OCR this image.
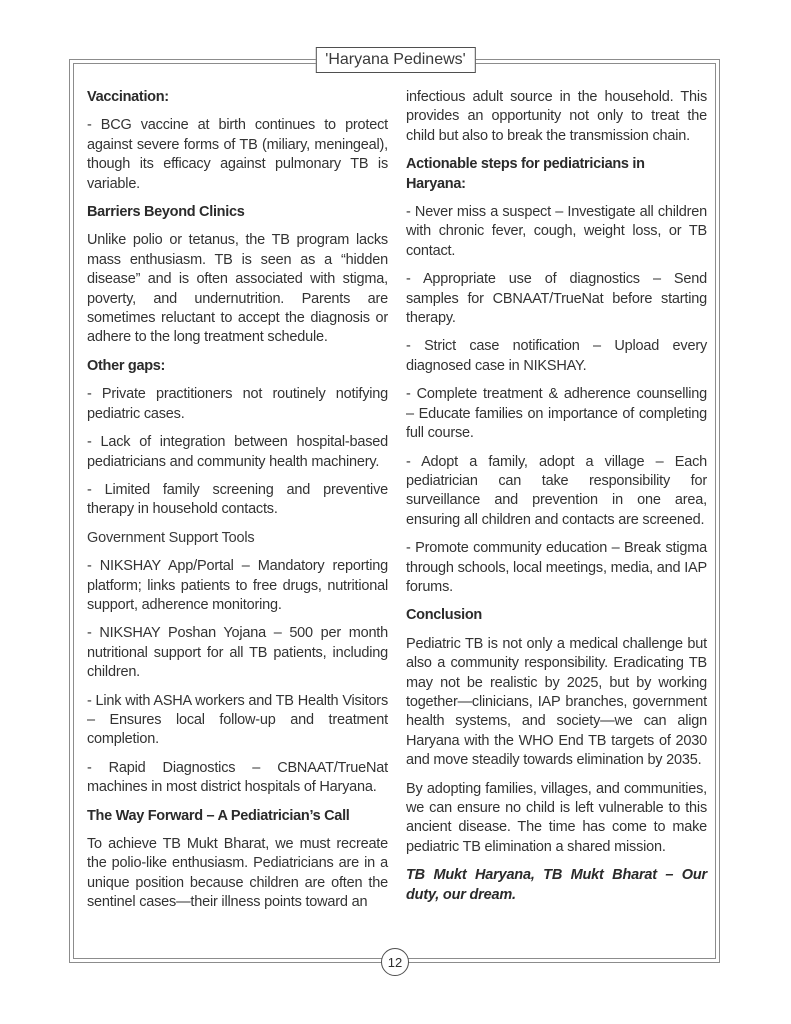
'Haryana Pedinews'

Vaccination:

- BCG vaccine at birth continues to protect against severe forms of TB (miliary, meningeal), though its efficacy against pulmonary TB is variable.

Barriers Beyond Clinics

Unlike polio or tetanus, the TB program lacks mass enthusiasm. TB is seen as a “hidden disease” and is often associated with stigma, poverty, and undernutrition. Parents are sometimes reluctant to accept the diagnosis or adhere to the long treatment schedule.

Other gaps:

- Private practitioners not routinely notifying pediatric cases.

- Lack of integration between hospital-based pediatricians and community health machinery.

- Limited family screening and preventive therapy in household contacts.

Government Support Tools

- NIKSHAY App/Portal – Mandatory reporting platform; links patients to free drugs, nutritional support, adherence monitoring.

- NIKSHAY Poshan Yojana – 500 per month nutritional support for all TB patients, including children.

- Link with ASHA workers and TB Health Visitors – Ensures local follow-up and treatment completion.

- Rapid Diagnostics – CBNAAT/TrueNat machines in most district hospitals of Haryana.

The Way Forward – A Pediatrician’s Call

To achieve TB Mukt Bharat, we must recreate the polio-like enthusiasm. Pediatricians are in a unique position because children are often the sentinel cases—their illness points toward an

infectious adult source in the household. This provides an opportunity not only to treat the child but also to break the transmission chain.

Actionable steps for pediatricians in Haryana:

- Never miss a suspect – Investigate all children with chronic fever, cough, weight loss, or TB contact.

- Appropriate use of diagnostics – Send samples for CBNAAT/TrueNat before starting therapy.

- Strict case notification – Upload every diagnosed case in NIKSHAY.

- Complete treatment & adherence counselling – Educate families on importance of completing full course.

- Adopt a family, adopt a village – Each pediatrician can take responsibility for surveillance and prevention in one area, ensuring all children and contacts are screened.

- Promote community education – Break stigma through schools, local meetings, media, and IAP forums.

Conclusion

Pediatric TB is not only a medical challenge but also a community responsibility. Eradicating TB may not be realistic by 2025, but by working together—clinicians, IAP branches, government health systems, and society—we can align Haryana with the WHO End TB targets of 2030 and move steadily towards elimination by 2035.

By adopting families, villages, and communities, we can ensure no child is left vulnerable to this ancient disease. The time has come to make pediatric TB elimination a shared mission.

TB Mukt Haryana, TB Mukt Bharat – Our duty, our dream.

12
